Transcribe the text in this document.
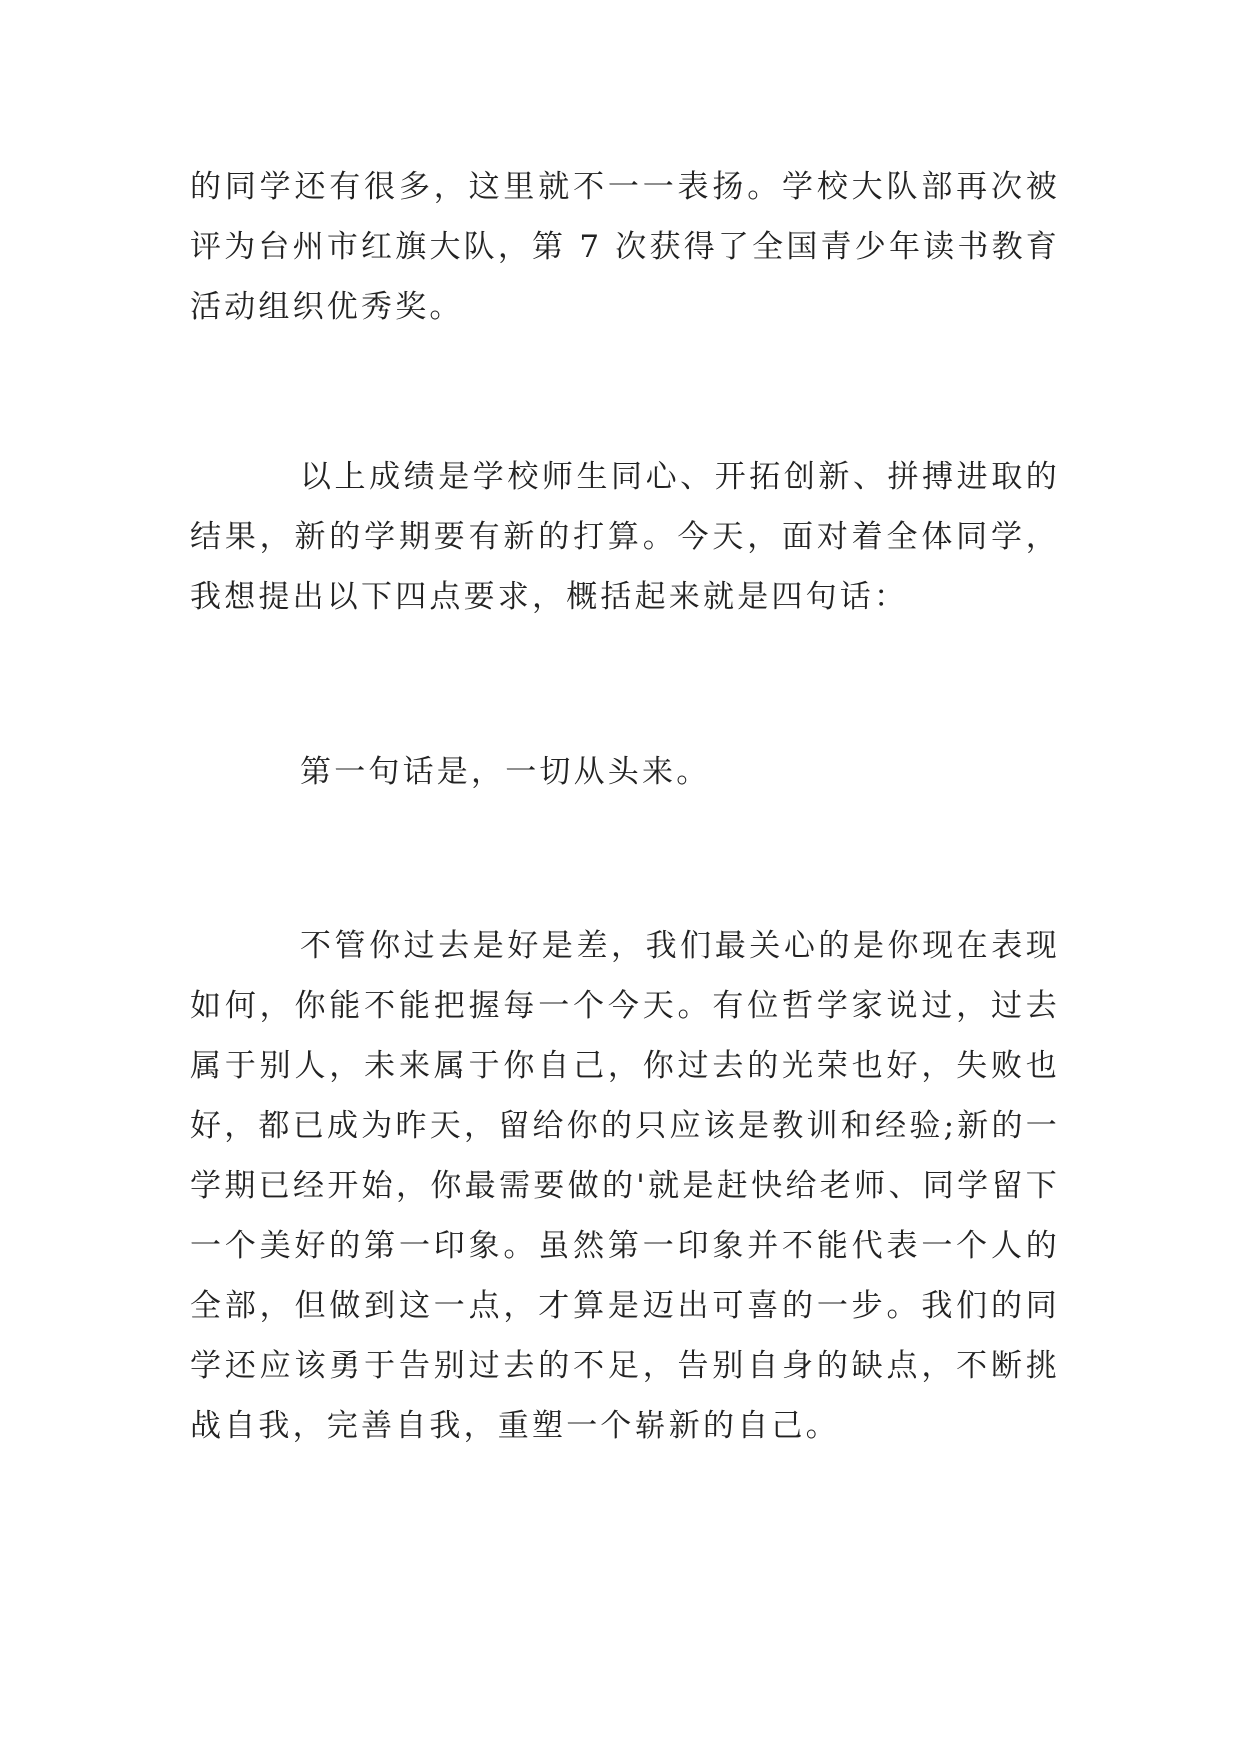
的同学还有很多，这里就不一一表扬。学校大队部再次被评为台州市红旗大队，第 7 次获得了全国青少年读书教育活动组织优秀奖。

以上成绩是学校师生同心、开拓创新、拼搏进取的结果，新的学期要有新的打算。今天，面对着全体同学，我想提出以下四点要求，概括起来就是四句话：

第一句话是，一切从头来。

不管你过去是好是差，我们最关心的是你现在表现如何，你能不能把握每一个今天。有位哲学家说过，过去属于别人，未来属于你自己，你过去的光荣也好，失败也好，都已成为昨天，留给你的只应该是教训和经验;新的一学期已经开始，你最需要做的'就是赶快给老师、同学留下一个美好的第一印象。虽然第一印象并不能代表一个人的全部，但做到这一点，才算是迈出可喜的一步。我们的同学还应该勇于告别过去的不足，告别自身的缺点，不断挑战自我，完善自我，重塑一个崭新的自己。
